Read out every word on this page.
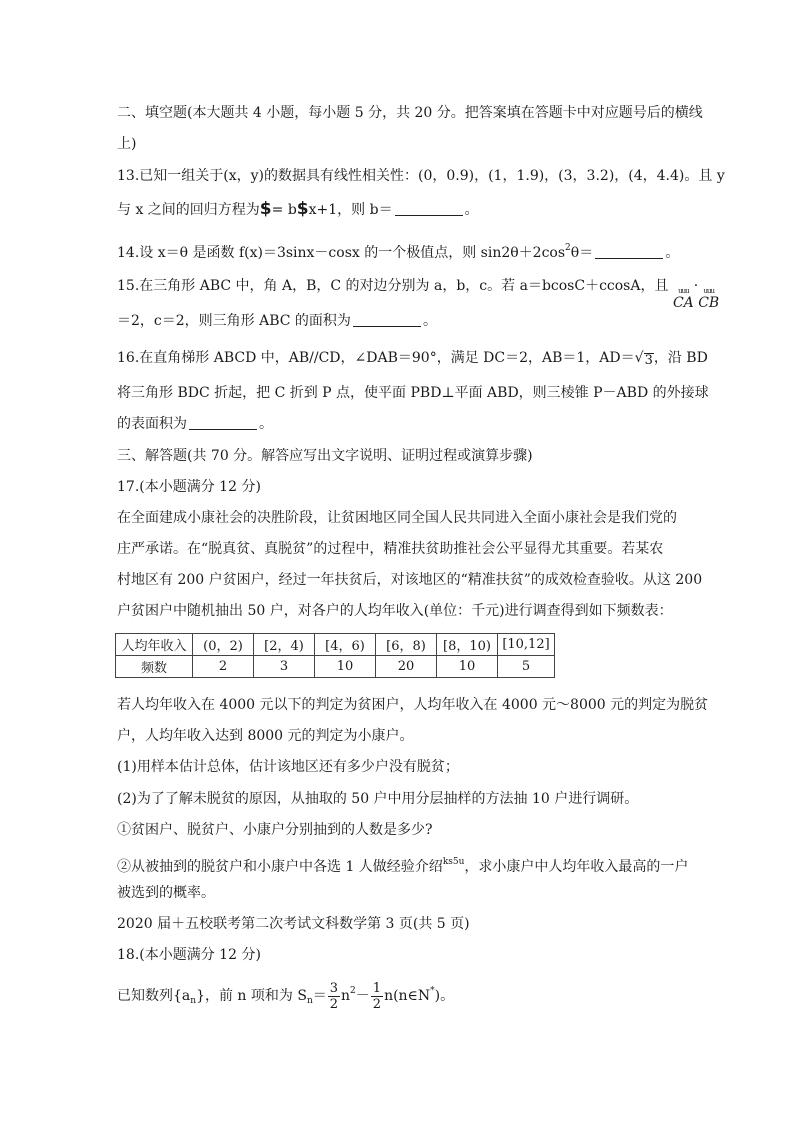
二、填空题(本大题共 4 小题，每小题 5 分，共 20 分。把答案填在答题卡中对应题号后的横线
上)
13.已知一组关于(x，y)的数据具有线性相关性：(0，0.9)，(1，1.9)，(3，3.2)，(4，4.4)。且 y
与 x 之间的回归方程为$= b$x+1，则 b＝	。
14.设 x＝θ 是函数 f(x)＝3sinx－cosx 的一个极值点，则 $\sin 2\theta+2\cos^2\theta=$	。
15.在三角形 ABC 中，角 A，B，C 的对边分别为 a，b，c。若 a＝bcosC＋ccosA，且 uuu
CA
· uuu
CB
＝2，c＝2，则三角形 ABC 的面积为	。
16.在直角梯形 ABCD 中，AB//CD，∠DAB＝90°，满足 DC＝2，AB＝1，AD＝ √ 3 ，沿 BD
将三角形 BDC 折起，把 C 折到 P 点，使平面 PBD⊥平面 ABD，则三棱锥 P－ABD 的外接球
的表面积为	。
三、解答题(共 70 分。解答应写出文字说明、证明过程或演算步骤)
17.(本小题满分 12 分)
在全面建成小康社会的决胜阶段，让贫困地区同全国人民共同进入全面小康社会是我们党的
庄严承诺。在“脱真贫、真脱贫”的过程中，精准扶贫助推社会公平显得尤其重要。若某农
村地区有 200 户贫困户，经过一年扶贫后，对该地区的“精准扶贫”的成效检查验收。从这 200
户贫困户中随机抽出 50 户，对各户的人均年收入(单位：千元)进行调查得到如下频数表：
人均年收入	(0，2)	[2，4)	[4，6)	[6，8)	[8，10)	[10,12]
频数	2	3	10	20	10	5
若人均年收入在 4000 元以下的判定为贫困户，人均年收入在 4000 元～8000 元的判定为脱贫
户，人均年收入达到 8000 元的判定为小康户。
(1)用样本估计总体，估计该地区还有多少户没有脱贫；
(2)为了了解未脱贫的原因，从抽取的 50 户中用分层抽样的方法抽 10 户进行调研。
①贫困户、脱贫户、小康户分别抽到的人数是多少?
②从被抽到的脱贫户和小康户中各选 1 人做经验介绍$^{ks5u}$，求小康户中人均年收入最高的一户
被选到的概率。
2020 届＋五校联考第二次考试文科数学第 3 页(共 5 页)
18.(本小题满分 12 分)
已知数列$\{a_n\}$，前 n 项和为 $S_n= \frac{3}{2} n^2- \frac{1}{2}$ n(n∈N*)。
